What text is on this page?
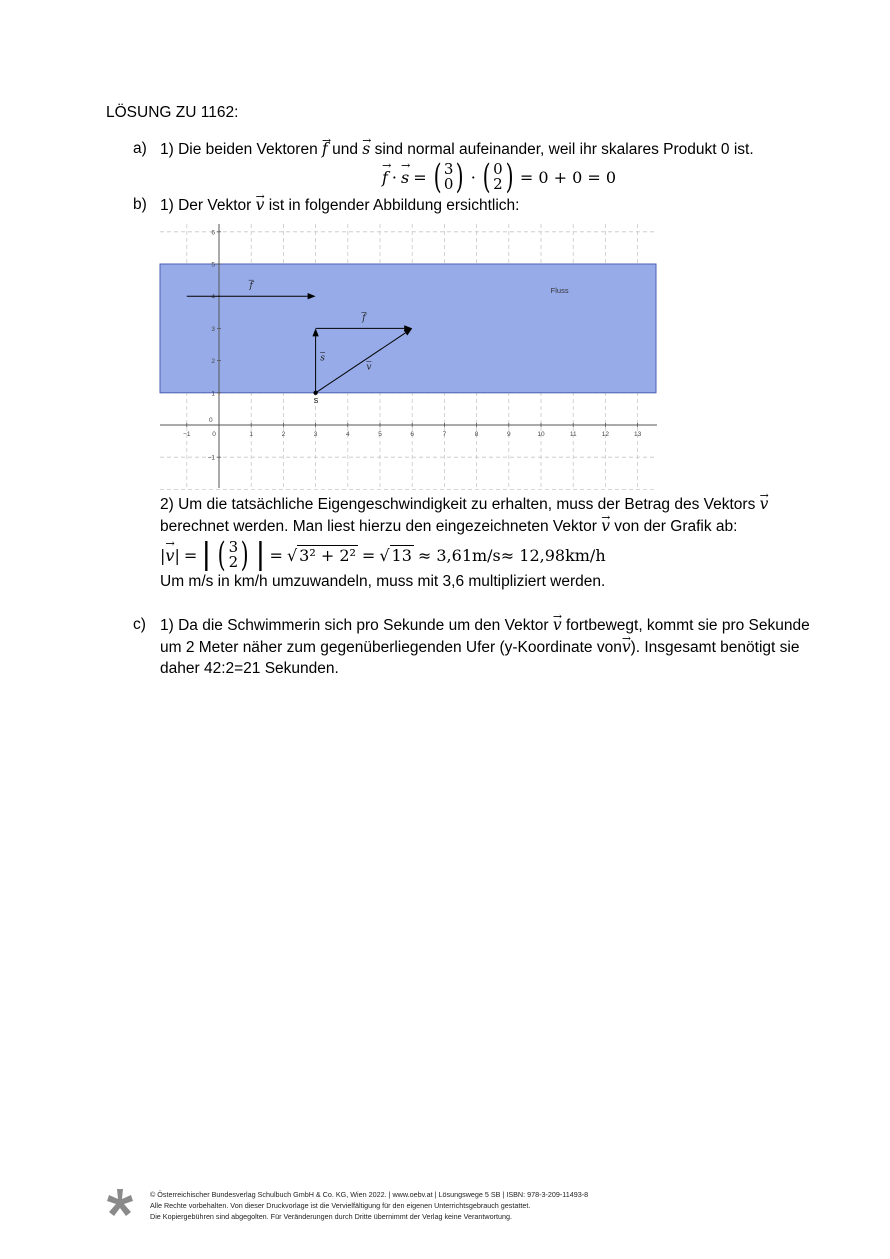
LÖSUNG ZU 1162:
a) 1) Die beiden Vektoren f → und s → sind normal aufeinander, weil ihr skalares Produkt 0 ist.
f → · s → = ( 3
0 ) · ( 0
2 ) = 0 + 0 = 0
b) 1) Der Vektor v → ist in folgender Abbildung ersichtlich:
Fluss
−1	0	1	2	3	4	5	6	7	8	9	10	11	12	13
−1
0
1
2
3
4
5
6
f
s
f
v
S
2) Um die tatsächliche Eigengeschwindigkeit zu erhalten, muss der Betrag des Vektors v →
berechnet werden. Man liest hierzu den eingezeichneten Vektor v → von der Grafik ab:
|v →| = | ( 3
2 ) | = √ 3² + 2² = √ 13 ≈ 3,61m/s≈ 12,98km/h
Um m/s in km/h umzuwandeln, muss mit 3,6 multipliziert werden.
c) 1) Da die Schwimmerin sich pro Sekunde um den Vektor v → fortbewegt, kommt sie pro Sekunde
um 2 Meter näher zum gegenüberliegenden Ufer (y-Koordinate vonv →). Insgesamt benötigt sie
daher 42:2=21 Sekunden.
© Österreichischer Bundesverlag Schulbuch GmbH & Co. KG, Wien 2022. | www.oebv.at | Lösungswege 5 SB | ISBN: 978-3-209-11493-8
Alle Rechte vorbehalten. Von dieser Druckvorlage ist die Vervielfältigung für den eigenen Unterrichtsgebrauch gestattet.
Die Kopiergebühren sind abgegolten. Für Veränderungen durch Dritte übernimmt der Verlag keine Verantwortung.
